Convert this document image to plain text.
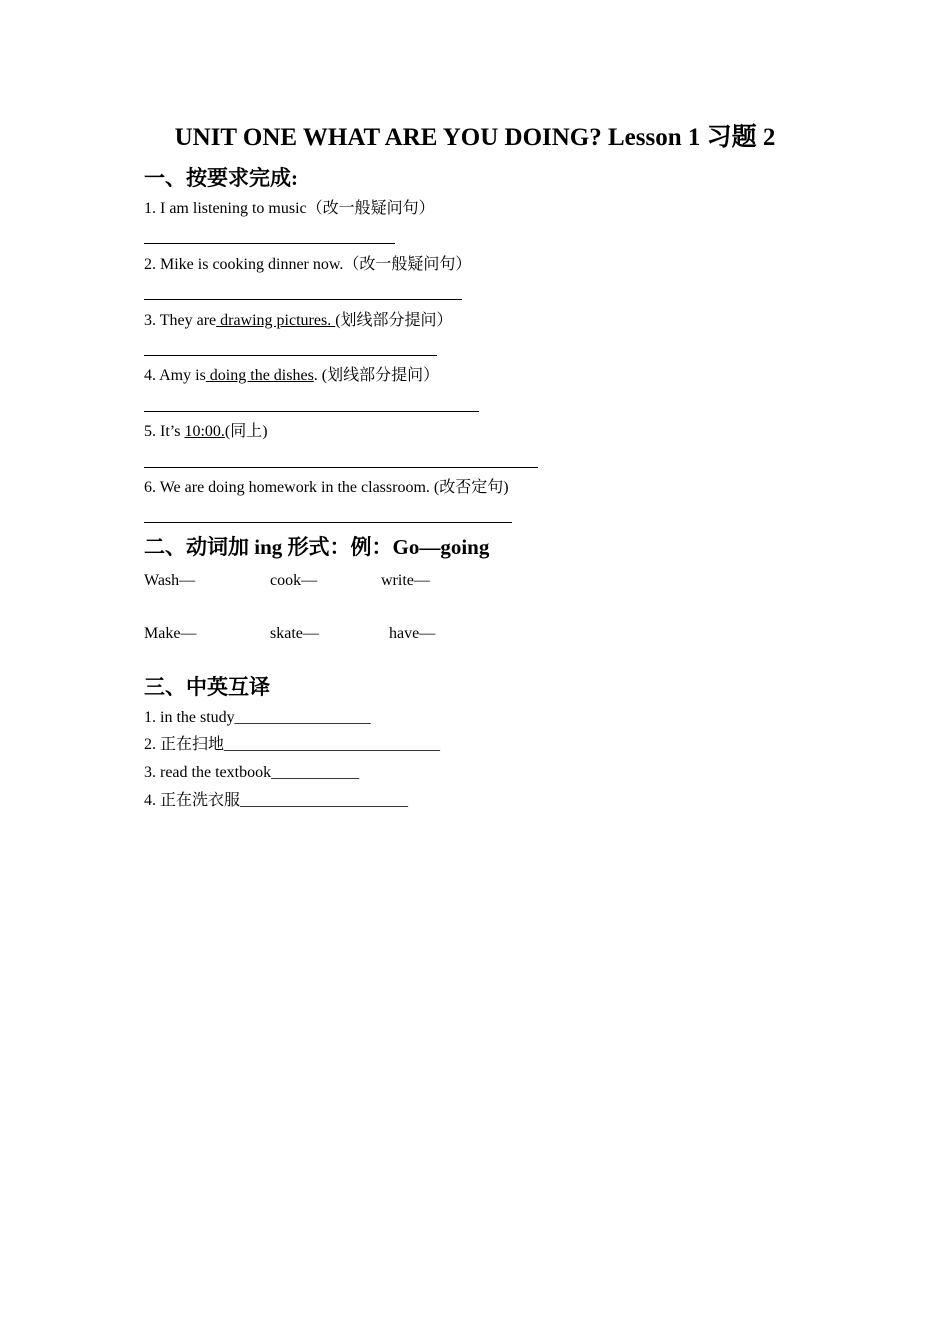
UNIT ONE WHAT ARE YOU DOING? Lesson 1 习题 2
一、按要求完成:
1. I am listening to music（改一般疑问句）
2. Mike is cooking dinner now.（改一般疑问句）
3. They are drawing pictures. (划线部分提问）
4. Amy is doing the dishes. (划线部分提问）
5. It’s 10:00.(同上)
6. We are doing homework in the classroom. (改否定句)
二、动词加 ing 形式：例：Go—going
Wash—	cook—	write—
Make—	skate—	have—
三、中英互译
1. in the study_________________
2. 正在扫地___________________________
3. read the textbook___________
4. 正在洗衣服_____________________
